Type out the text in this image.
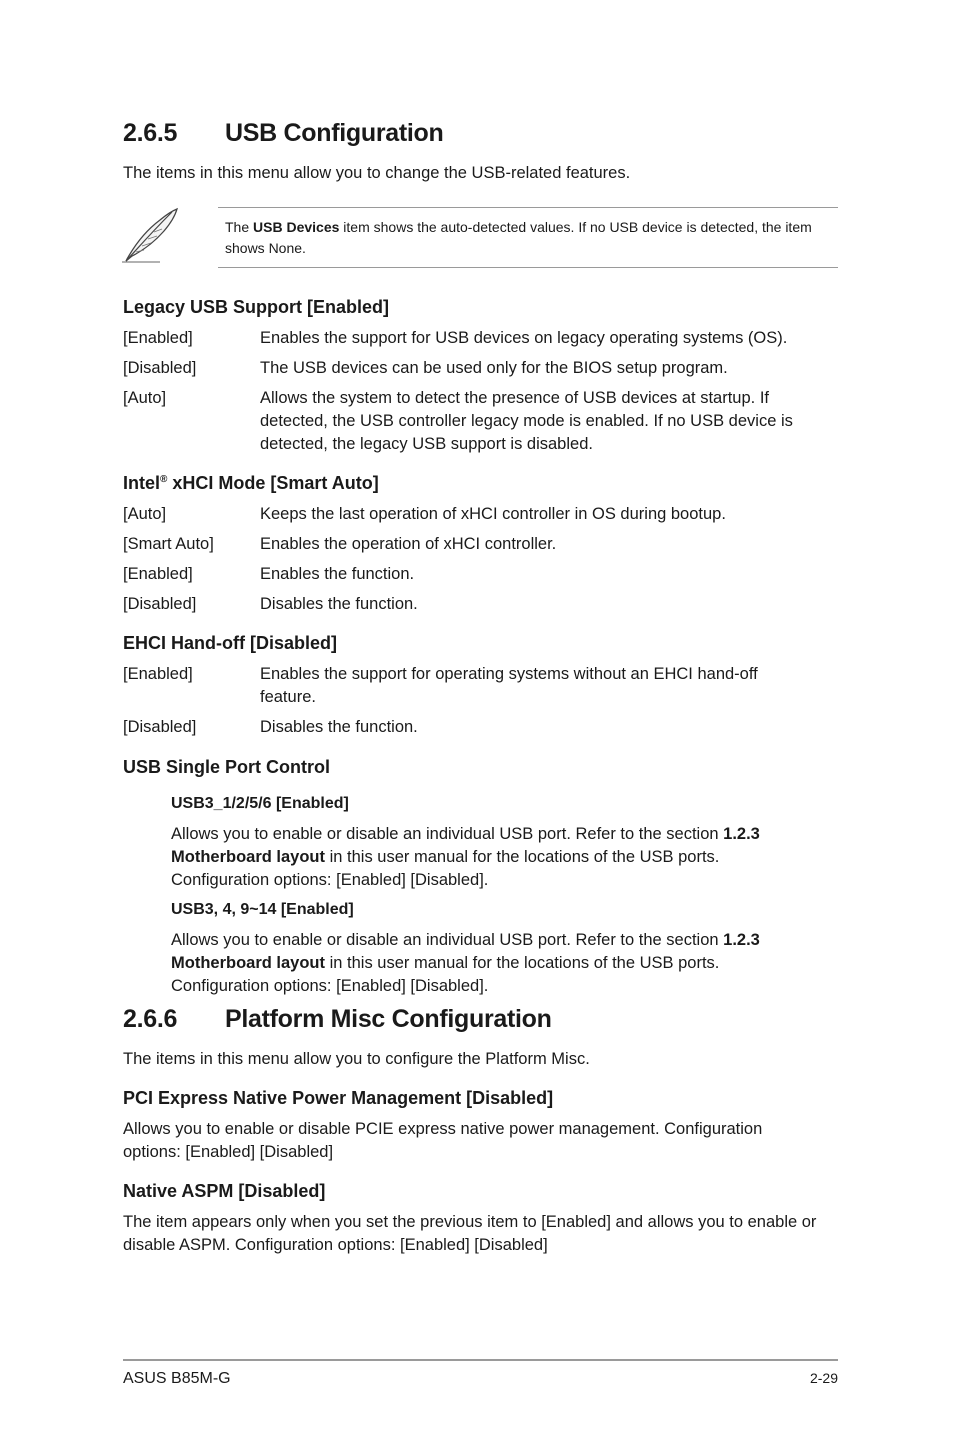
2.6.5 USB Configuration

The items in this menu allow you to change the USB-related features.

The USB Devices item shows the auto-detected values. If no USB device is detected, the item shows None.

Legacy USB Support [Enabled]
[Enabled]	Enables the support for USB devices on legacy operating systems (OS).
[Disabled]	The USB devices can be used only for the BIOS setup program.
[Auto]	Allows the system to detect the presence of USB devices at startup. If detected, the USB controller legacy mode is enabled. If no USB device is detected, the legacy USB support is disabled.
Intel® xHCI Mode [Smart Auto]
[Auto]	Keeps the last operation of xHCI controller in OS during bootup.
[Smart Auto]	Enables the operation of xHCI controller.
[Enabled]	Enables the function.
[Disabled]	Disables the function.
EHCI Hand-off [Disabled]
[Enabled]	Enables the support for operating systems without an EHCI hand-off feature.
[Disabled]	Disables the function.
USB Single Port Control
USB3_1/2/5/6 [Enabled]

Allows you to enable or disable an individual USB port. Refer to the section 1.2.3 Motherboard layout in this user manual for the locations of the USB ports. Configuration options: [Enabled] [Disabled].

USB3, 4, 9~14 [Enabled]

Allows you to enable or disable an individual USB port. Refer to the section 1.2.3 Motherboard layout in this user manual for the locations of the USB ports. Configuration options: [Enabled] [Disabled].

2.6.6 Platform Misc Configuration

The items in this menu allow you to configure the Platform Misc.

PCI Express Native Power Management [Disabled]

Allows you to enable or disable PCIE express native power management. Configuration options: [Enabled] [Disabled]

Native ASPM [Disabled]

The item appears only when you set the previous item to [Enabled] and allows you to enable or disable ASPM. Configuration options: [Enabled] [Disabled]

ASUS B85M-G	2-29
